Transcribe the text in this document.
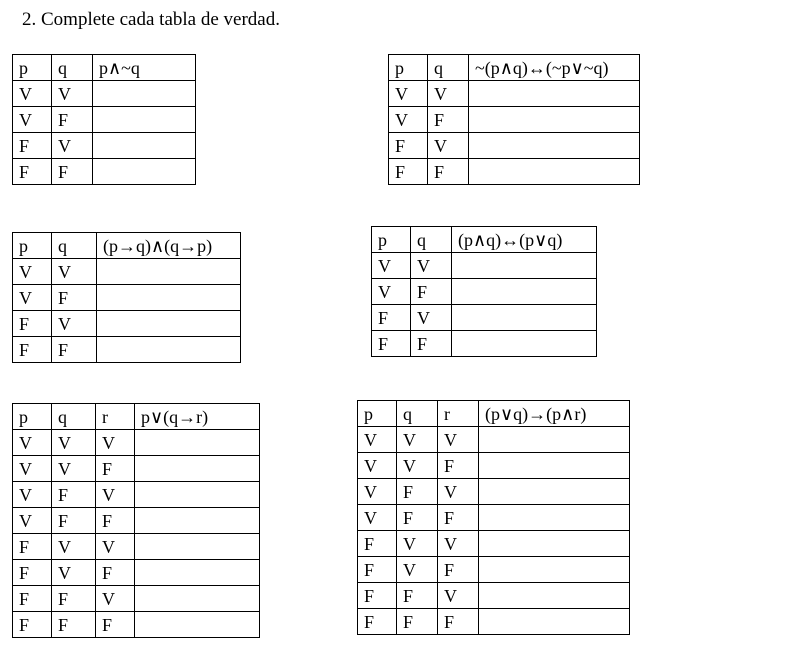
2. Complete cada tabla de verdad.
p	q	p∧~q
V	V	
V	F	
F	V	
F	F	
p	q	~(p∧q)↔(~p∨~q)
V	V	
V	F	
F	V	
F	F	
p	q	(p→q)∧(q→p)
V	V	
V	F	
F	V	
F	F	
p	q	(p∧q)↔(p∨q)
V	V	
V	F	
F	V	
F	F	
p	q	r	p∨(q→r)
V	V	V	
V	V	F	
V	F	V	
V	F	F	
F	V	V	
F	V	F	
F	F	V	
F	F	F	
p	q	r	(p∨q)→(p∧r)
V	V	V	
V	V	F	
V	F	V	
V	F	F	
F	V	V	
F	V	F	
F	F	V	
F	F	F	
